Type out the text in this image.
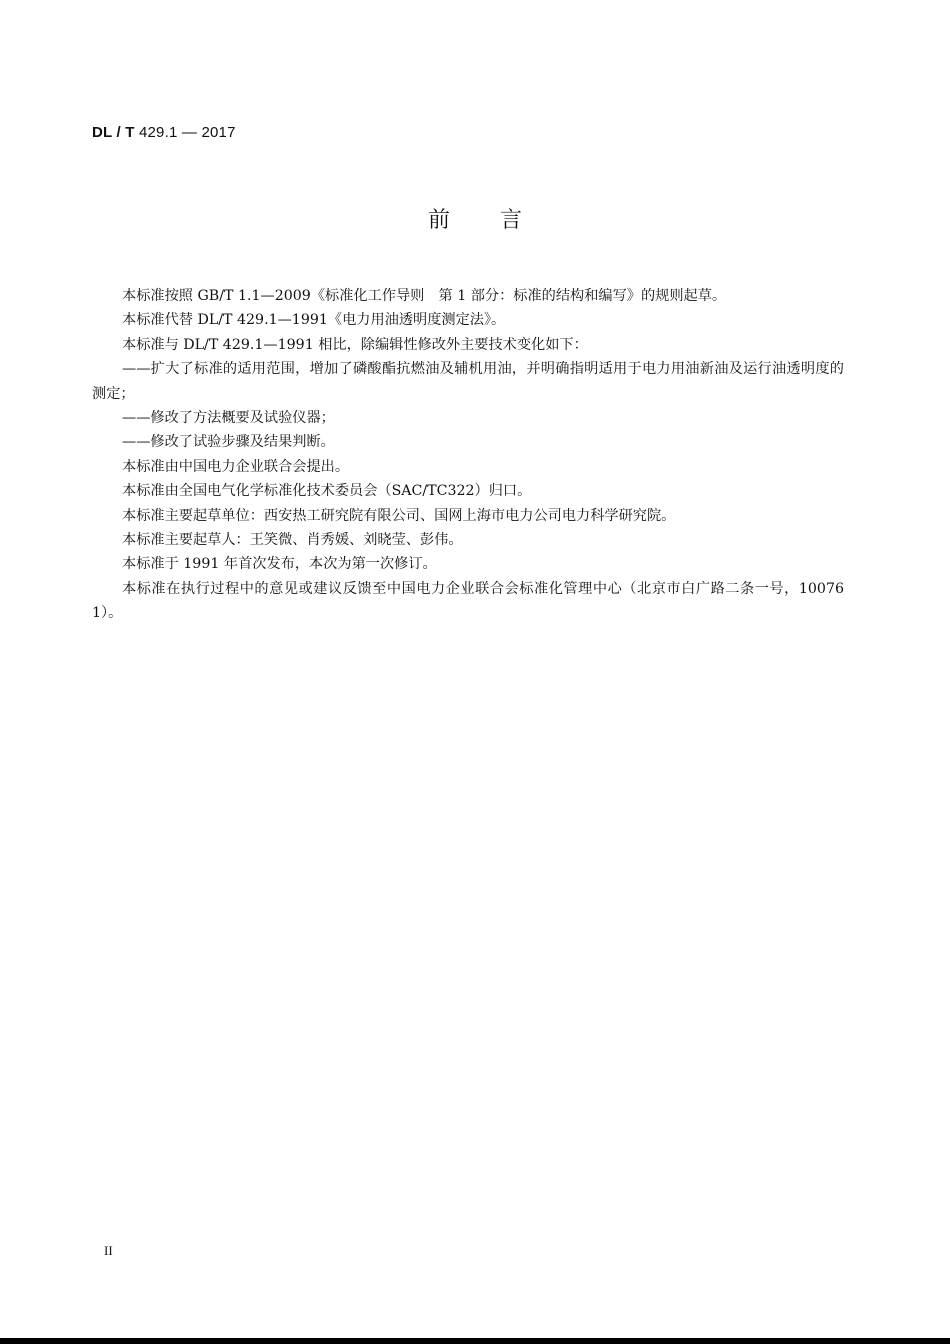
DL / T 429.1 — 2017
前言

本标准按照 GB/T 1.1—2009《标准化工作导则　第 1 部分：标准的结构和编写》的规则起草。

本标准代替 DL/T 429.1—1991《电力用油透明度测定法》。

本标准与 DL/T 429.1—1991 相比，除编辑性修改外主要技术变化如下：

——扩大了标准的适用范围，增加了磷酸酯抗燃油及辅机用油，并明确指明适用于电力用油新油及运行油透明度的测定；

——修改了方法概要及试验仪器；

——修改了试验步骤及结果判断。

本标准由中国电力企业联合会提出。

本标准由全国电气化学标准化技术委员会（SAC/TC322）归口。

本标准主要起草单位：西安热工研究院有限公司、国网上海市电力公司电力科学研究院。

本标准主要起草人：王笑微、肖秀媛、刘晓莹、彭伟。

本标准于 1991 年首次发布，本次为第一次修订。

本标准在执行过程中的意见或建议反馈至中国电力企业联合会标准化管理中心（北京市白广路二条一号，100761）。

II
